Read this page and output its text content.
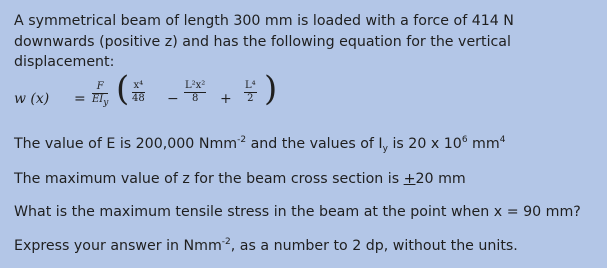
A symmetrical beam of length 300 mm is loaded with a force of 414 N downwards (positive z) and has the following equation for the vertical displacement:

w (x) =
F
EIy ( $\frac{\text{x⁴}}{48} - \frac{\text{L²x²}}{8} + \frac{\text{L⁴}}{2}$ )

The value of E is 200,000 Nmm$^{-2}$ and the values of $I_y$ is 20 x $10^6$ $mm^4$

The maximum value of z for the beam cross section is +20 mm

What is the maximum tensile stress in the beam at the point when x = 90 mm?

Express your answer in Nmm$^{-2}$, as a number to 2 dp, without the units.
